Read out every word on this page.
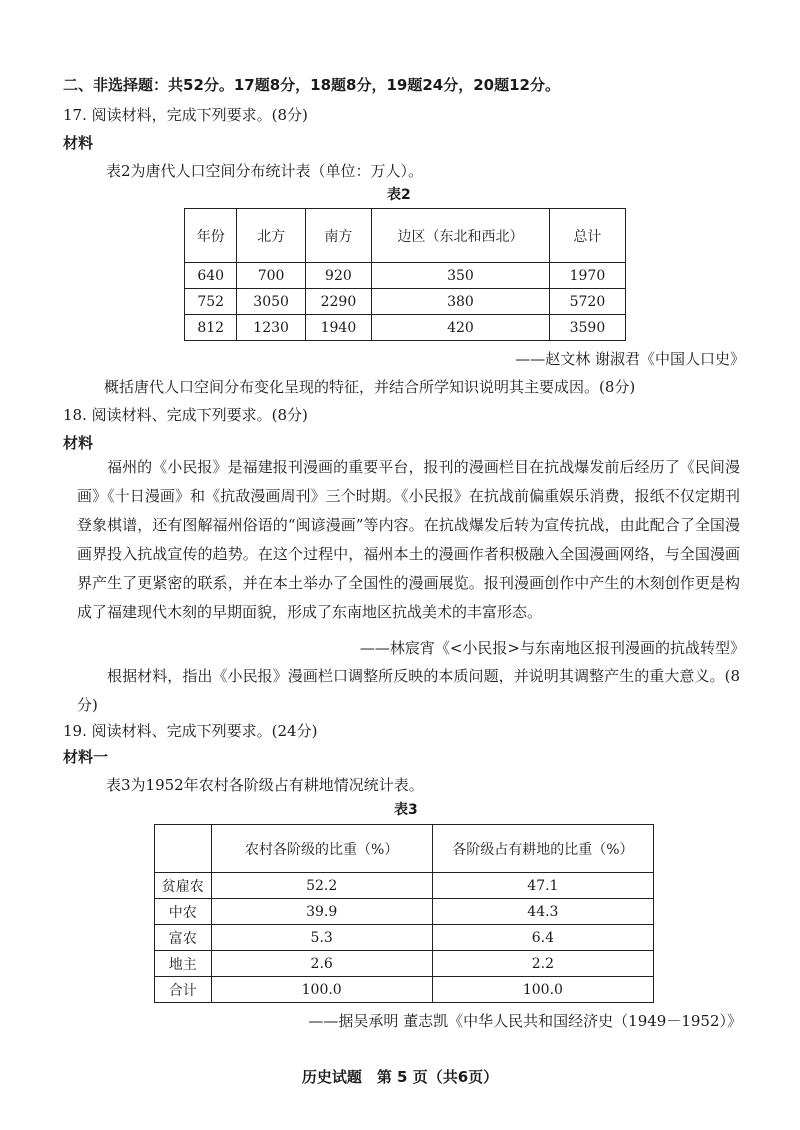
二、非选择题：共52分。17题8分，18题8分，19题24分，20题12分。
17. 阅读材料，完成下列要求。(8分)
材料
表2为唐代人口空间分布统计表（单位：万人）。
表2
年份	北方	南方	边区（东北和西北）	总计
640	700	920	350	1970
752	3050	2290	380	5720
812	1230	1940	420	3590
——赵文林 谢淑君《中国人口史》
概括唐代人口空间分布变化呈现的特征，并结合所学知识说明其主要成因。(8分)
18. 阅读材料、完成下列要求。(8分)
材料

福州的《小民报》是福建报刊漫画的重要平台，报刊的漫画栏目在抗战爆发前后经历了《民间漫画》《十日漫画》和《抗敌漫画周刊》三个时期。《小民报》在抗战前偏重娱乐消费，报纸不仅定期刊登象棋谱，还有图解福州俗语的“闽谚漫画”等内容。在抗战爆发后转为宣传抗战，由此配合了全国漫画界投入抗战宣传的趋势。在这个过程中，福州本土的漫画作者积极融入全国漫画网络，与全国漫画界产生了更紧密的联系，并在本土举办了全国性的漫画展览。报刊漫画创作中产生的木刻创作更是构成了福建现代木刻的早期面貌，形成了东南地区抗战美术的丰富形态。

——林宸宵《<小民报>与东南地区报刊漫画的抗战转型》

根据材料，指出《小民报》漫画栏口调整所反映的本质问题，并说明其调整产生的重大意义。(8分)

19. 阅读材料、完成下列要求。(24分)
材料一
表3为1952年农村各阶级占有耕地情况统计表。
表3
	农村各阶级的比重（%）	各阶级占有耕地的比重（%）
贫雇农	52.2	47.1
中农	39.9	44.3
富农	5.3	6.4
地主	2.6	2.2
合计	100.0	100.0
——据吴承明 董志凯《中华人民共和国经济史（1949－1952）》
历史试题　第 5 页（共6页）
